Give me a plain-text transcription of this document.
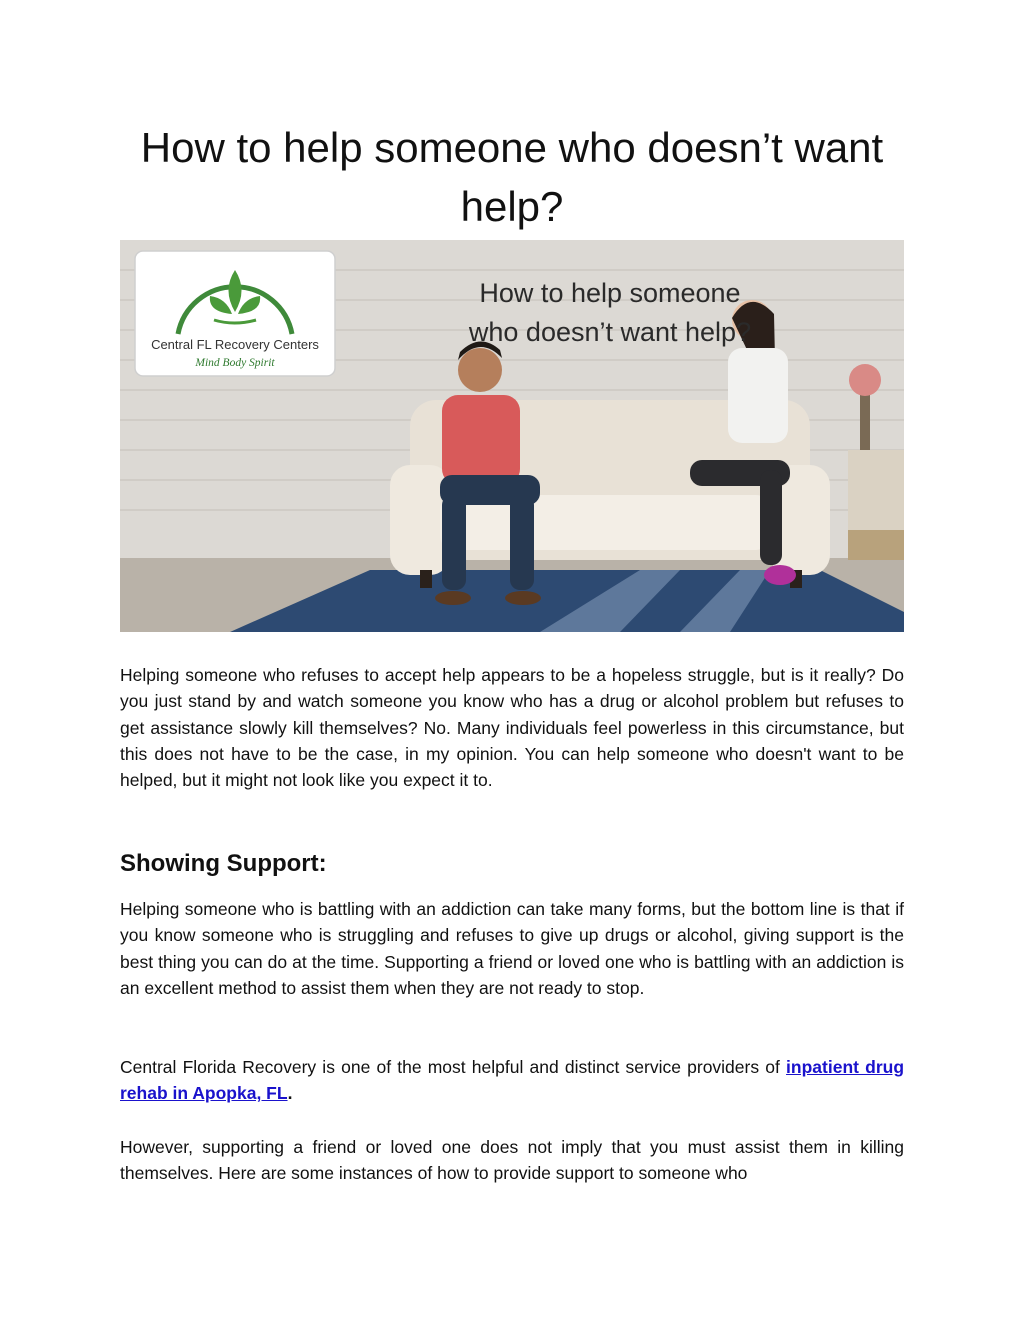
How to help someone who doesn’t want help?
How to help someone
who doesn’t want help?
Central FL Recovery Centers
Mind Body Spirit

Helping someone who refuses to accept help appears to be a hopeless struggle, but is it really? Do you just stand by and watch someone you know who has a drug or alcohol problem but refuses to get assistance slowly kill themselves? No. Many individuals feel powerless in this circumstance, but this does not have to be the case, in my opinion. You can help someone who doesn't want to be helped, but it might not look like you expect it to.

Showing Support:

Helping someone who is battling with an addiction can take many forms, but the bottom line is that if you know someone who is struggling and refuses to give up drugs or alcohol, giving support is the best thing you can do at the time. Supporting a friend or loved one who is battling with an addiction is an excellent method to assist them when they are not ready to stop.

Central Florida Recovery is one of the most helpful and distinct service providers of inpatient drug rehab in Apopka, FL.

However, supporting a friend or loved one does not imply that you must assist them in killing themselves. Here are some instances of how to provide support to someone who
